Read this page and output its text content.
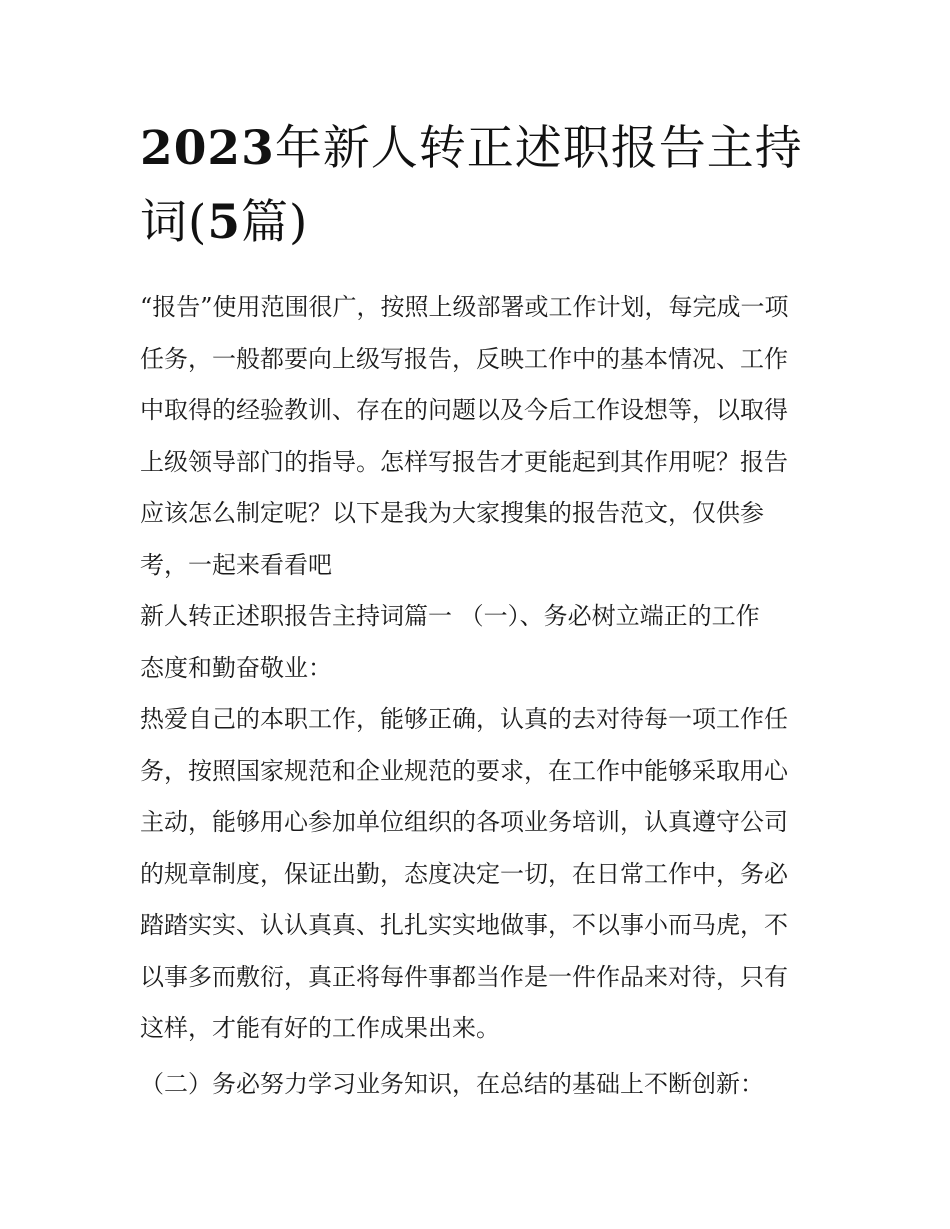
2023年新人转正述职报告主持
词(5篇)

“报告”使用范围很广，按照上级部署或工作计划，每完成一项
任务，一般都要向上级写报告，反映工作中的基本情况、工作
中取得的经验教训、存在的问题以及今后工作设想等，以取得
上级领导部门的指导。怎样写报告才更能起到其作用呢？报告
应该怎么制定呢？以下是我为大家搜集的报告范文，仅供参
考，一起来看看吧

新人转正述职报告主持词篇一 （一）、务必树立端正的工作
态度和勤奋敬业：

热爱自己的本职工作，能够正确，认真的去对待每一项工作任
务，按照国家规范和企业规范的要求，在工作中能够采取用心
主动，能够用心参加单位组织的各项业务培训，认真遵守公司
的规章制度，保证出勤，态度决定一切，在日常工作中，务必
踏踏实实、认认真真、扎扎实实地做事，不以事小而马虎，不
以事多而敷衍，真正将每件事都当作是一件作品来对待，只有
这样，才能有好的工作成果出来。

（二）务必努力学习业务知识，在总结的基础上不断创新：
